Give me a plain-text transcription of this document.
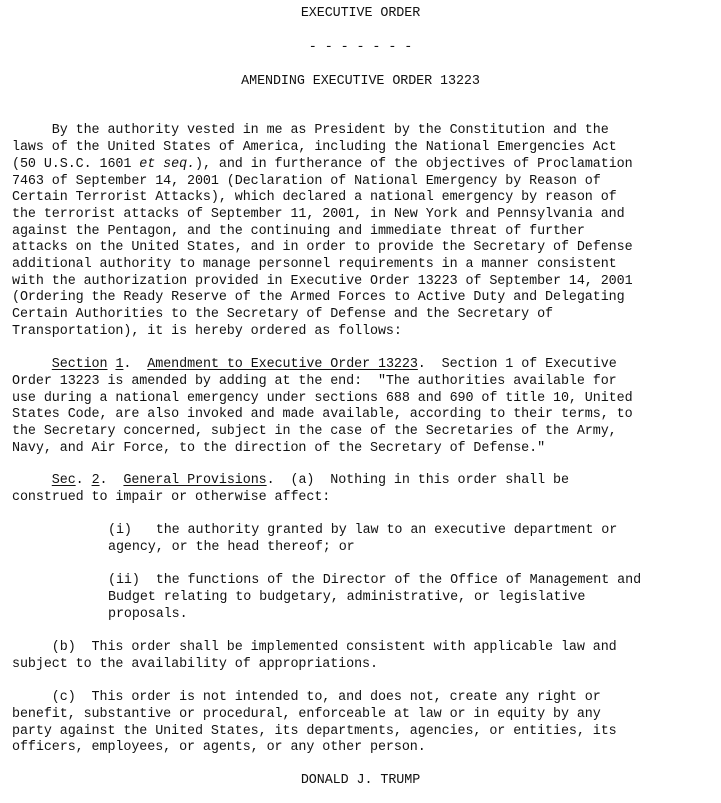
EXECUTIVE ORDER
- - - - - - -
AMENDING EXECUTIVE ORDER 13223
By the authority vested in me as President by the Constitution and the
laws of the United States of America, including the National Emergencies Act
(50 U.S.C. 1601 et seq.), and in furtherance of the objectives of Proclamation
7463 of September 14, 2001 (Declaration of National Emergency by Reason of
Certain Terrorist Attacks), which declared a national emergency by reason of
the terrorist attacks of September 11, 2001, in New York and Pennsylvania and
against the Pentagon, and the continuing and immediate threat of further
attacks on the United States, and in order to provide the Secretary of Defense
additional authority to manage personnel requirements in a manner consistent
with the authorization provided in Executive Order 13223 of September 14, 2001
(Ordering the Ready Reserve of the Armed Forces to Active Duty and Delegating
Certain Authorities to the Secretary of Defense and the Secretary of
Transportation), it is hereby ordered as follows:
Section 1.  Amendment to Executive Order 13223.  Section 1 of Executive
Order 13223 is amended by adding at the end:  "The authorities available for
use during a national emergency under sections 688 and 690 of title 10, United
States Code, are also invoked and made available, according to their terms, to
the Secretary concerned, subject in the case of the Secretaries of the Army,
Navy, and Air Force, to the direction of the Secretary of Defense."
Sec. 2.  General Provisions.  (a)  Nothing in this order shall be
construed to impair or otherwise affect:
(i)   the authority granted by law to an executive department or
agency, or the head thereof; or
(ii)  the functions of the Director of the Office of Management and
Budget relating to budgetary, administrative, or legislative
proposals.
(b)  This order shall be implemented consistent with applicable law and
subject to the availability of appropriations.
(c)  This order is not intended to, and does not, create any right or
benefit, substantive or procedural, enforceable at law or in equity by any
party against the United States, its departments, agencies, or entities, its
officers, employees, or agents, or any other person.
DONALD J. TRUMP
